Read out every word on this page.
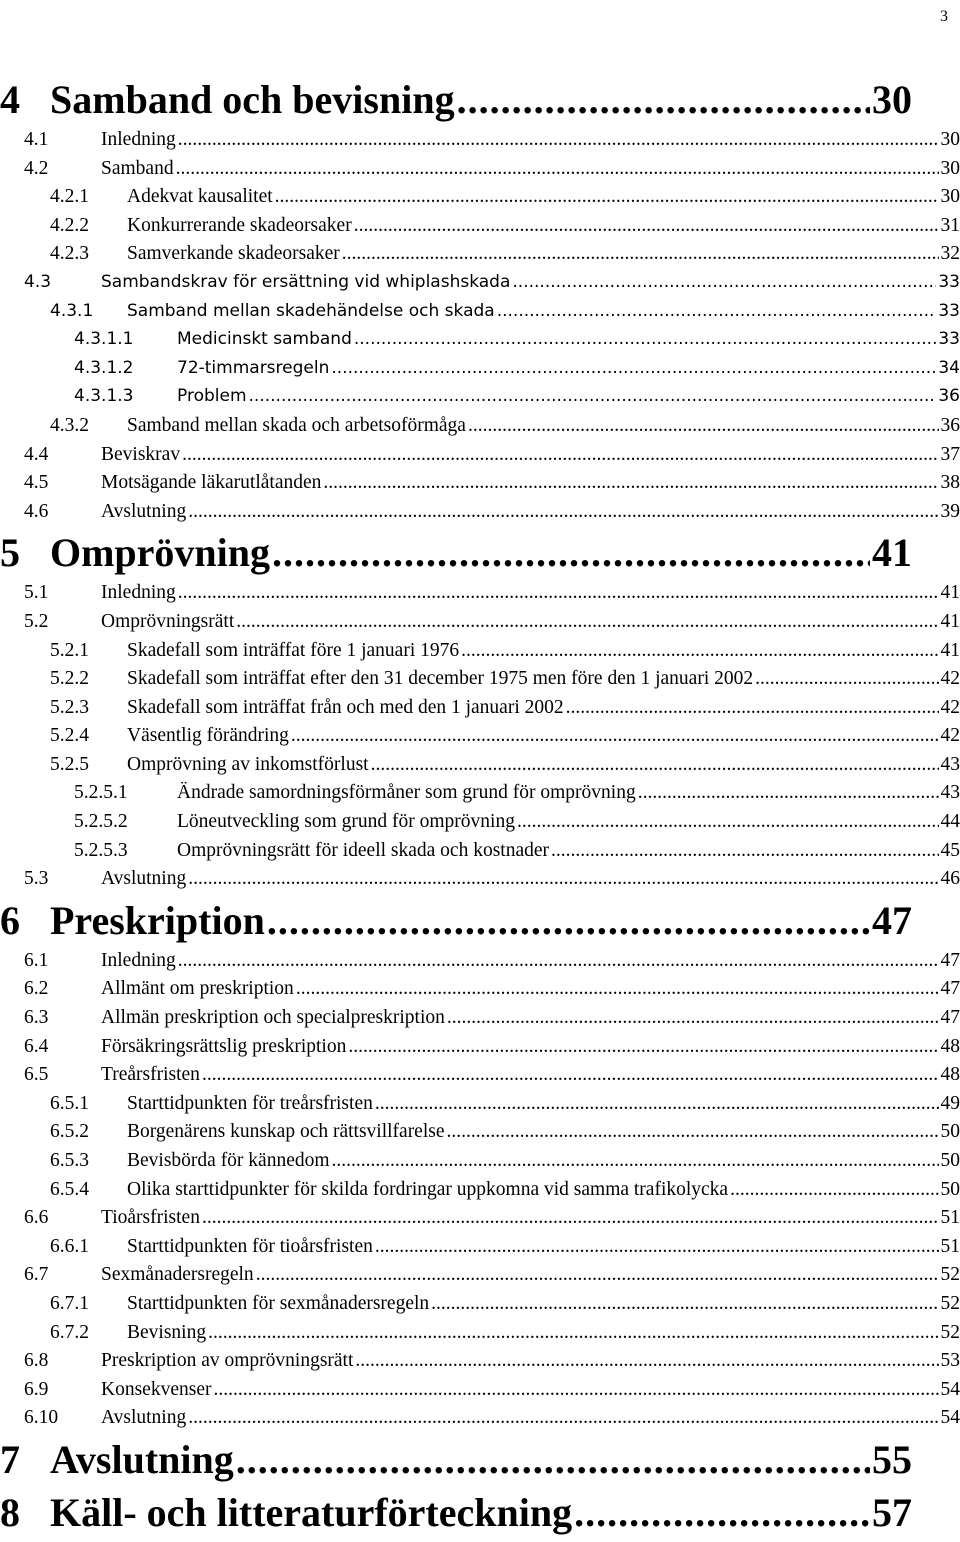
3
4 Samband och bevisning .....	30
4.1	Inledning .....	30
4.2	Samband .....	30
4.2.1	Adekvat kausalitet .....	30
4.2.2	Konkurrerande skadeorsaker .....	31
4.2.3	Samverkande skadeorsaker .....	32
4.3	Sambandskrav för ersättning vid whiplashskada .....	33
4.3.1	Samband mellan skadehändelse och skada .....	33
4.3.1.1	Medicinskt samband .....	33
4.3.1.2	72-timmarsregeln .....	34
4.3.1.3	Problem .....	36
4.3.2	Samband mellan skada och arbetsoförmåga .....	36
4.4	Beviskrav .....	37
4.5	Motsägande läkarutlåtanden .....	38
4.6	Avslutning .....	39
5 Omprövning .....	41
5.1	Inledning .....	41
5.2	Omprövningsrätt .....	41
5.2.1	Skadefall som inträffat före 1 januari 1976 .....	41
5.2.2	Skadefall som inträffat efter den 31 december 1975 men före den 1 januari 2002 .....	42
5.2.3	Skadefall som inträffat från och med den 1 januari 2002 .....	42
5.2.4	Väsentlig förändring .....	42
5.2.5	Omprövning av inkomstförlust .....	43
5.2.5.1	Ändrade samordningsförmåner som grund för omprövning .....	43
5.2.5.2	Löneutveckling som grund för omprövning .....	44
5.2.5.3	Omprövningsrätt för ideell skada och kostnader .....	45
5.3	Avslutning .....	46
6 Preskription .....	47
6.1	Inledning .....	47
6.2	Allmänt om preskription .....	47
6.3	Allmän preskription och specialpreskription .....	47
6.4	Försäkringsrättslig preskription .....	48
6.5	Treårsfristen .....	48
6.5.1	Starttidpunkten för treårsfristen .....	49
6.5.2	Borgenärens kunskap och rättsvillfarelse .....	50
6.5.3	Bevisbörda för kännedom .....	50
6.5.4	Olika starttidpunkter för skilda fordringar uppkomna vid samma trafikolycka .....	50
6.6	Tioårsfristen .....	51
6.6.1	Starttidpunkten för tioårsfristen .....	51
6.7	Sexmånadersregeln .....	52
6.7.1	Starttidpunkten för sexmånadersregeln .....	52
6.7.2	Bevisning .....	52
6.8	Preskription av omprövningsrätt .....	53
6.9	Konsekvenser .....	54
6.10	Avslutning .....	54
7 Avslutning .....	55
8 Käll- och litteraturförteckning .....	57
